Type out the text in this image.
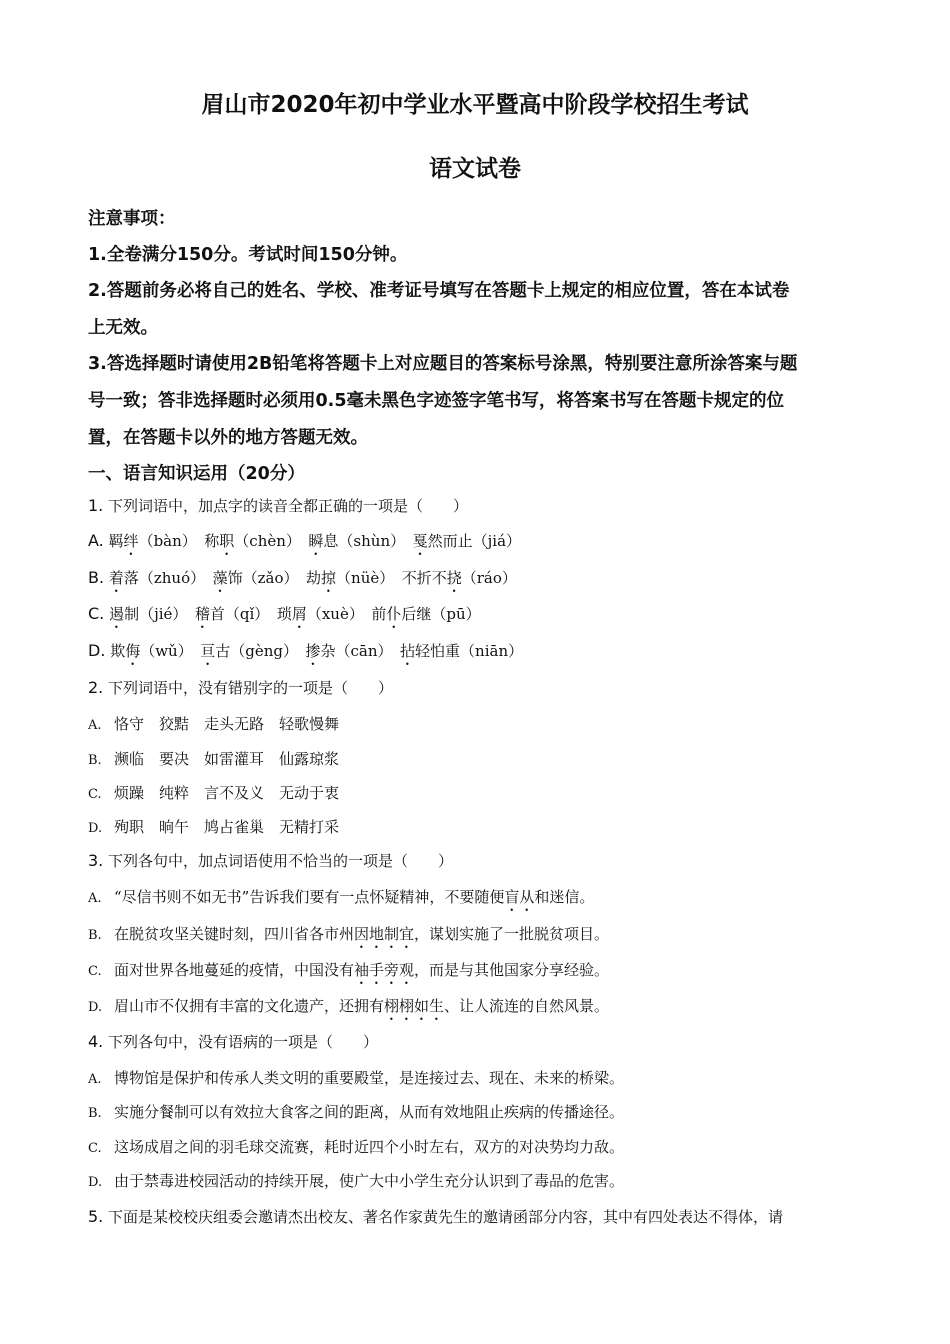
眉山市2020年初中学业水平暨高中阶段学校招生考试
语文试卷
注意事项：
1.全卷满分150分。考试时间150分钟。
2.答题前务必将自己的姓名、学校、准考证号填写在答题卡上规定的相应位置，答在本试卷
上无效。
3.答选择题时请使用2B铅笔将答题卡上对应题目的答案标号涂黑，特别要注意所涂答案与题
号一致；答非选择题时必须用0.5毫未黑色字迹签字笔书写，将答案书写在答题卡规定的位
置，在答题卡以外的地方答题无效。
一、语言知识运用（20分）
1. 下列词语中，加点字的读音全都正确的一项是（　　）
A. 羁绊（bàn）　称职（chèn）　瞬息（shùn）　戛然而止（jiá）
B. 着落（zhuó）　藻饰（zǎo）　劫掠（nüè）　不折不挠（ráo）
C. 遏制（jié）　稽首（qǐ）　琐屑（xuè）　前仆后继（pū）
D. 欺侮（wǔ）　亘古（gèng）　掺杂（cān）　拈轻怕重（niān）
2. 下列词语中，没有错别字的一项是（　　）
A. 恪守　狡黠　走头无路　轻歌慢舞
B. 濒临　要决　如雷灌耳　仙露琼浆
C. 烦躁　纯粹　言不及义　无动于衷
D. 殉职　晌午　鸠占雀巢　无精打采
3. 下列各句中，加点词语使用不恰当的一项是（　　）
A. “尽信书则不如无书”告诉我们要有一点怀疑精神，不要随便盲从和迷信。
B. 在脱贫攻坚关键时刻，四川省各市州因地制宜，谋划实施了一批脱贫项目。
C. 面对世界各地蔓延的疫情，中国没有袖手旁观，而是与其他国家分享经验。
D. 眉山市不仅拥有丰富的文化遗产，还拥有栩栩如生、让人流连的自然风景。
4. 下列各句中，没有语病的一项是（　　）
A. 博物馆是保护和传承人类文明的重要殿堂，是连接过去、现在、未来的桥梁。
B. 实施分餐制可以有效拉大食客之间的距离，从而有效地阻止疾病的传播途径。
C. 这场成眉之间的羽毛球交流赛，耗时近四个小时左右，双方的对决势均力敌。
D. 由于禁毒进校园活动的持续开展，使广大中小学生充分认识到了毒品的危害。
5. 下面是某校校庆组委会邀请杰出校友、著名作家黄先生的邀请函部分内容，其中有四处表达不得体，请
